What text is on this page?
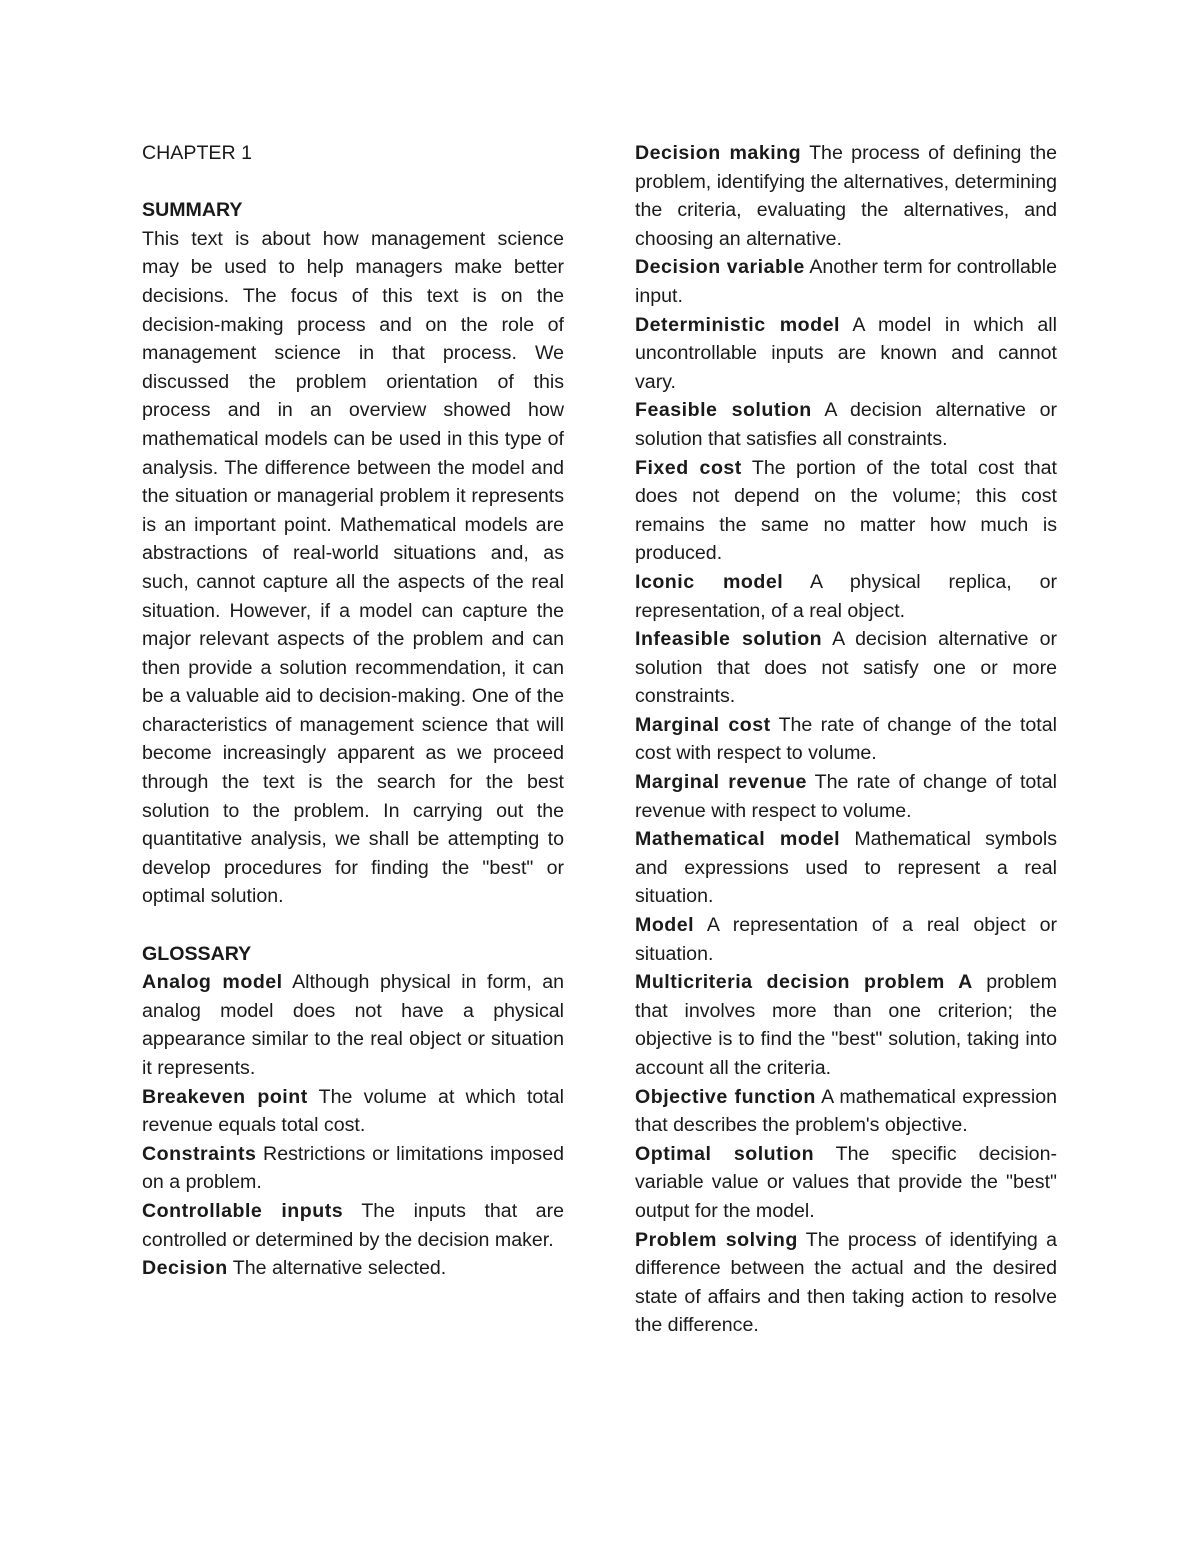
CHAPTER 1

SUMMARY

This text is about how management science may be used to help managers make better decisions. The focus of this text is on the decision-making process and on the role of management science in that process. We discussed the problem orientation of this process and in an overview showed how mathematical models can be used in this type of analysis. The difference between the model and the situation or managerial problem it represents is an important point. Mathematical models are abstractions of real-world situations and, as such, cannot capture all the aspects of the real situation. However, if a model can capture the major relevant aspects of the problem and can then provide a solution recommendation, it can be a valuable aid to decision-making. One of the characteristics of management science that will become increasingly apparent as we proceed through the text is the search for the best solution to the problem. In carrying out the quantitative analysis, we shall be attempting to develop procedures for finding the "best" or optimal solution.

GLOSSARY

Analog model Although physical in form, an analog model does not have a physical appearance similar to the real object or situation it represents.

Breakeven point The volume at which total revenue equals total cost.

Constraints Restrictions or limitations imposed on a problem.

Controllable inputs The inputs that are controlled or determined by the decision maker.

Decision The alternative selected.

Decision making The process of defining the problem, identifying the alternatives, determining the criteria, evaluating the alternatives, and choosing an alternative.

Decision variable Another term for controllable input.

Deterministic model A model in which all uncontrollable inputs are known and cannot vary.

Feasible solution A decision alternative or solution that satisfies all constraints.

Fixed cost The portion of the total cost that does not depend on the volume; this cost remains the same no matter how much is produced.

Iconic model A physical replica, or representation, of a real object.

Infeasible solution A decision alternative or solution that does not satisfy one or more constraints.

Marginal cost The rate of change of the total cost with respect to volume.

Marginal revenue The rate of change of total revenue with respect to volume.

Mathematical model Mathematical symbols and expressions used to represent a real situation.

Model A representation of a real object or situation.

Multicriteria decision problem A problem that involves more than one criterion; the objective is to find the "best" solution, taking into account all the criteria.

Objective function A mathematical expression that describes the problem's objective.

Optimal solution The specific decision-variable value or values that provide the "best" output for the model.

Problem solving The process of identifying a difference between the actual and the desired state of affairs and then taking action to resolve the difference.
